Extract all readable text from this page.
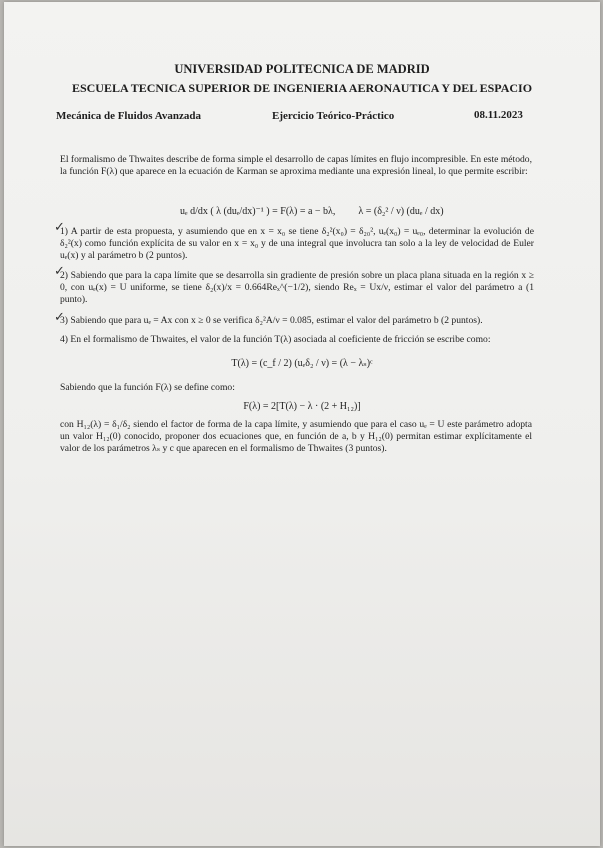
UNIVERSIDAD POLITECNICA DE MADRID
ESCUELA TECNICA SUPERIOR DE INGENIERIA AERONAUTICA Y DEL ESPACIO
Mecánica de Fluidos Avanzada	Ejercicio Teórico-Práctico	08.11.2023
El formalismo de Thwaites describe de forma simple el desarrollo de capas límites en flujo incompresible. En este método, la función F(λ) que aparece en la ecuación de Karman se aproxima mediante una expresión lineal, lo que permite escribir:
uₑ d/dx ( λ (duₑ/dx)⁻¹ ) = F(λ) = a − bλ, λ = (δ₂² / ν) (duₑ / dx)
✓
1) A partir de esta propuesta, y asumiendo que en x = x₀ se tiene δ₂²(x₀) = δ₂₀², uₑ(x₀) = uₑ₀, determinar la evolución de δ₂²(x) como función explícita de su valor en x = x₀ y de una integral que involucra tan solo a la ley de velocidad de Euler uₑ(x) y al parámetro b (2 puntos).
✓
2) Sabiendo que para la capa límite que se desarrolla sin gradiente de presión sobre un placa plana situada en la región x ≥ 0, con uₑ(x) = U uniforme, se tiene δ₂(x)/x = 0.664Reₓ^(−1/2), siendo Reₓ = Ux/ν, estimar el valor del parámetro a (1 punto).
✓
3) Sabiendo que para uₑ = Ax con x ≥ 0 se verifica δ₂²A/ν = 0.085, estimar el valor del parámetro b (2 puntos).
4) En el formalismo de Thwaites, el valor de la función T(λ) asociada al coeficiente de fricción se escribe como:
T(λ) = (c_f / 2) (uₑδ₂ / ν) = (λ − λₛ)ᶜ
Sabiendo que la función F(λ) se define como:
F(λ) = 2[T(λ) − λ · (2 + H₁₂)]
con H₁₂(λ) = δ₁/δ₂ siendo el factor de forma de la capa límite, y asumiendo que para el caso uₑ = U este parámetro adopta un valor H₁₂(0) conocido, proponer dos ecuaciones que, en función de a, b y H₁₂(0) permitan estimar explícitamente el valor de los parámetros λₛ y c que aparecen en el formalismo de Thwaites (3 puntos).
